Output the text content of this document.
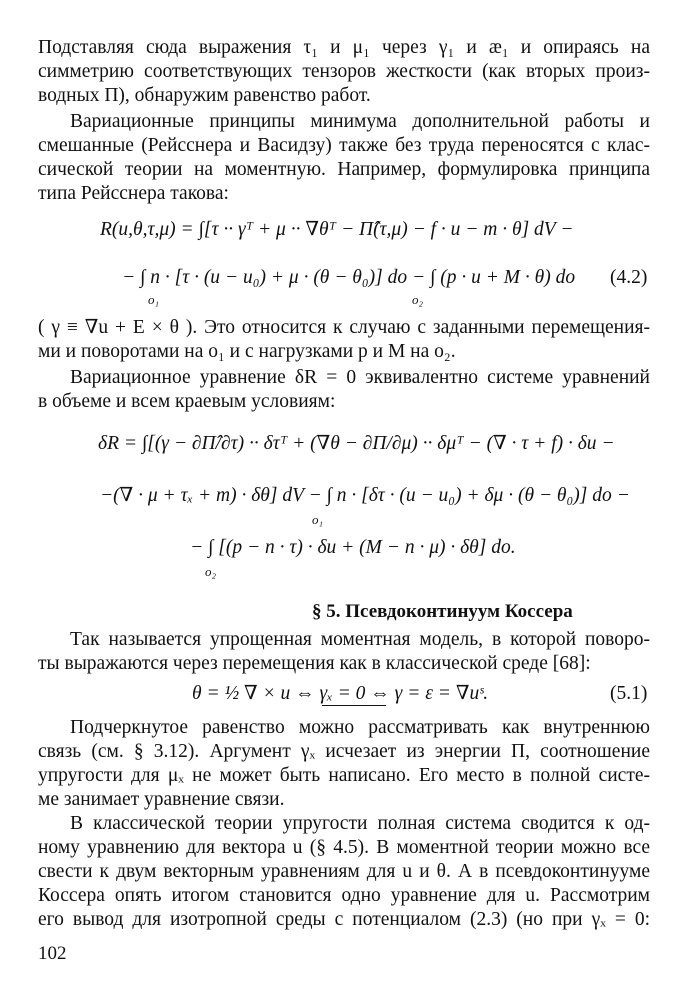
Подставляя сюда выражения τ₁ и μ₁ через γ₁ и æ₁ и опираясь на
симметрию соответствующих тензоров жесткости (как вторых произ-
водных Π), обнаружим равенство работ.
Вариационные принципы минимума дополнительной работы и
смешанные (Рейсснера и Васидзу) также без труда переносятся с клас-
сической теории на моментную. Например, формулировка принципа
типа Рейсснера такова:
R(u,θ,τ,μ) = ∫[τ ·· γᵀ + μ ·· ∇θᵀ − Π̂(τ,μ) − f · u − m · θ] dV −
− ∫ n · [τ · (u − u₀) + μ · (θ − θ₀)] do − ∫ (p · u + M · θ) do
o₁	o₂
(4.2)
( γ ≡ ∇u + E × θ ). Это относится к случаю с заданными перемещения-
ми и поворотами на o₁ и с нагрузками p и M на o₂.
Вариационное уравнение δR = 0 эквивалентно системе уравнений
в объеме и всем краевым условиям:
δR = ∫[(γ − ∂Π̂/∂τ) ·· δτᵀ + (∇θ − ∂Π/∂μ) ·· δμᵀ − (∇ · τ + f) · δu −
−(∇ · μ + τₓ + m) · δθ] dV − ∫ n · [δτ · (u − u₀) + δμ · (θ − θ₀)] do −
o₁
− ∫ [(p − n · τ) · δu + (M − n · μ) · δθ] do.
o₂
§ 5. Псевдоконтинуум Коссера
Так называется упрощенная моментная модель, в которой поворо-
ты выражаются через перемещения как в классической среде [68]:
θ = ½ ∇ × u ⇔ γₓ = 0 ⇔ γ = ε = ∇uˢ.	(5.1)
Подчеркнутое равенство можно рассматривать как внутреннюю
связь (см. § 3.12). Аргумент γₓ исчезает из энергии Π, соотношение
упругости для μₓ не может быть написано. Его место в полной систе-
ме занимает уравнение связи.
В классической теории упругости полная система сводится к од-
ному уравнению для вектора u (§ 4.5). В моментной теории можно все
свести к двум векторным уравнениям для u и θ. А в псевдоконтинууме
Коссера опять итогом становится одно уравнение для u. Рассмотрим
его вывод для изотропной среды с потенциалом (2.3) (но при γₓ = 0:
102
